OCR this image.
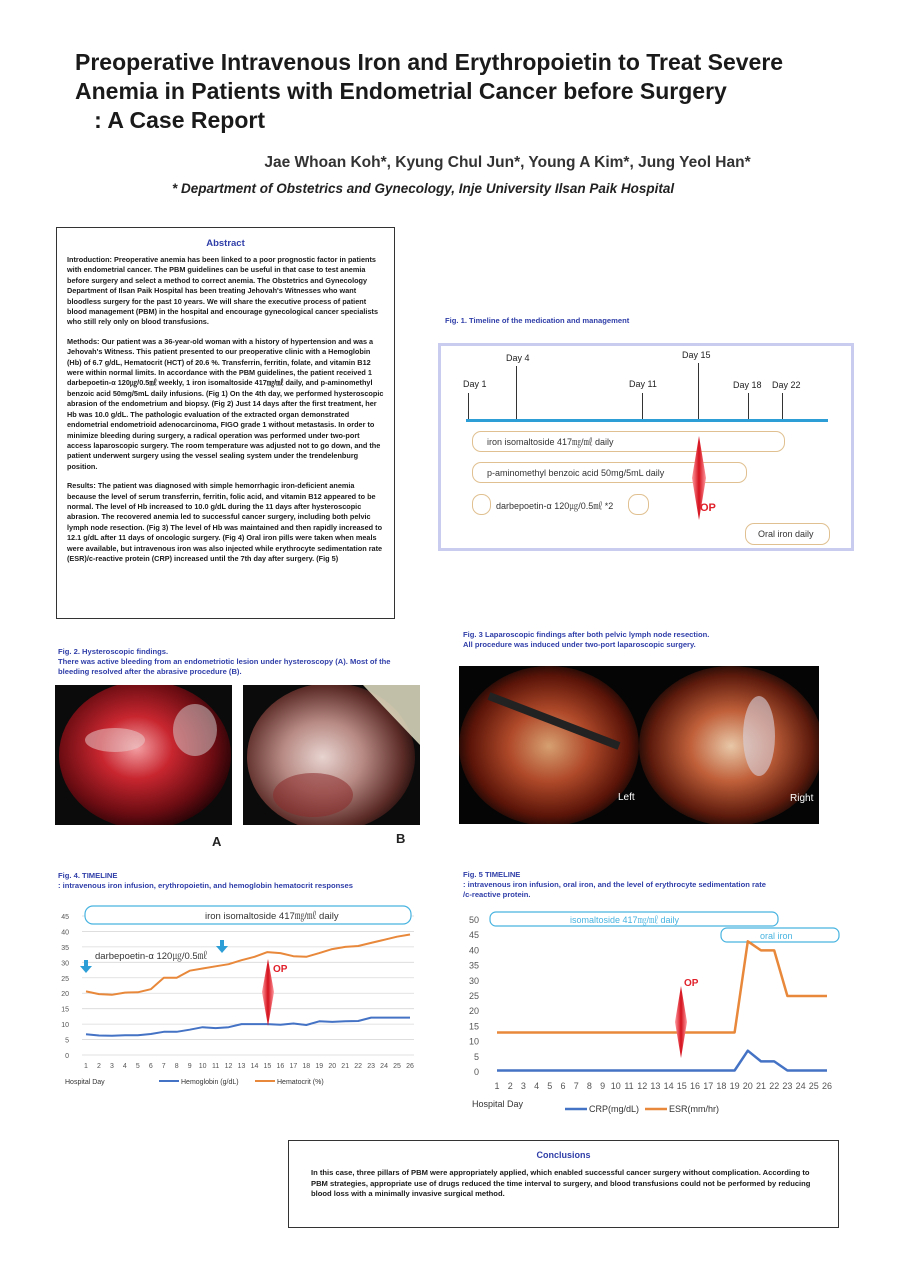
Preoperative Intravenous Iron and Erythropoietin to Treat Severe
Anemia in Patients with Endometrial Cancer before Surgery
: A Case Report
Jae Whoan Koh*, Kyung Chul Jun*, Young A Kim*, Jung Yeol Han*
* Department of Obstetrics and Gynecology, Inje University Ilsan Paik Hospital
Abstract

Introduction: Preoperative anemia has been linked to a poor prognostic factor in patients with endometrial cancer. The PBM guidelines can be useful in that case to test anemia before surgery and select a method to correct anemia. The Obstetrics and Gynecology Department of Ilsan Paik Hospital has been treating Jehovah's Witnesses who want bloodless surgery for the past 10 years. We will share the executive process of patient blood management (PBM) in the hospital and encourage gynecological cancer specialists who still rely only on blood transfusions.

Methods: Our patient was a 36-year-old woman with a history of hypertension and was a Jehovah's Witness. This patient presented to our preoperative clinic with a Hemoglobin (Hb) of 6.7 g/dL, Hematocrit (HCT) of 20.6 %. Transferrin, ferritin, folate, and vitamin B12 were within normal limits. In accordance with the PBM guidelines, the patient received 1 darbepoetin-α 120㎍/0.5㎖ weekly, 1 iron isomaltoside 417㎎/㎖ daily, and p-aminomethyl benzoic acid 50mg/5mL daily infusions. (Fig 1) On the 4th day, we performed hysteroscopic abrasion of the endometrium and biopsy. (Fig 2) Just 14 days after the first treatment, her Hb was 10.0 g/dL. The pathologic evaluation of the extracted organ demonstrated endometrial endometrioid adenocarcinoma, FIGO grade 1 without metastasis. In order to minimize bleeding during surgery, a radical operation was performed under two-port access laparoscopic surgery. The room temperature was adjusted not to go down, and the patient underwent surgery using the vessel sealing system under the trendelenburg position.

Results: The patient was diagnosed with simple hemorrhagic iron-deficient anemia because the level of serum transferrin, ferritin, folic acid, and vitamin B12 appeared to be normal. The level of Hb increased to 10.0 g/dL during the 11 days after hysteroscopic abrasion. The recovered anemia led to successful cancer surgery, including both pelvic lymph node resection. (Fig 3) The level of Hb was maintained and then rapidly increased to 12.1 g/dL after 11 days of oncologic surgery. (Fig 4) Oral iron pills were taken when meals were available, but intravenous iron was also injected while erythrocyte sedimentation rate (ESR)/c-reactive protein (CRP) increased until the 7th day after surgery. (Fig 5)

Fig. 1. Timeline of the medication and management
Day 1
Day 4
Day 11
Day 15
Day 18 Day 22
iron isomaltoside 417㎎/㎖ daily
p-aminomethyl benzoic acid 50mg/5mL daily
darbepoetin-α 120㎍/0.5㎖ *2
Oral iron daily
OP
Fig. 2. Hysteroscopic findings.
There was active bleeding from an endometriotic lesion under hysteroscopy (A). Most of the bleeding resolved after the abrasive procedure (B).
A	B
Fig. 3 Laparoscopic findings after both pelvic lymph node resection.
All procedure was induced under two-port laparoscopic surgery.
Left	Right
Fig. 4. TIMELINE
: intravenous iron infusion, erythropoietin, and hemoglobin hematocrit responses
0
5
10
15
20
25
30
35
40
45
1 2 3 4 5 6 7 8 9 10 11 12 13 14 15 16 17 18 19 20 21 22 23 24 25 26
iron isomaltoside 417㎎/㎖ daily
darbepoetin-α 120㎍/0.5㎖
OP
Hospital Day	Hemoglobin (g/dL)	Hematocrit (%)
Fig. 5 TIMELINE
: intravenous iron infusion, oral iron, and the level of erythrocyte sedimentation rate
/c-reactive protein.
0
5
10
15
20
25
30
35
40
45
50
1 2 3 4 5 6 7 8 9 10 11 12 13 14 15 16 17 18 19 20 21 22 23 24 25 26
isomaltoside 417㎎/㎖ daily
oral iron
OP
Hospital Day	CRP(mg/dL)	ESR(mm/hr)
Conclusions

In this case, three pillars of PBM were appropriately applied, which enabled successful cancer surgery without complication. According to PBM strategies, appropriate use of drugs reduced the time interval to surgery, and blood transfusions could not be performed by reducing blood loss with a minimally invasive surgical method.
